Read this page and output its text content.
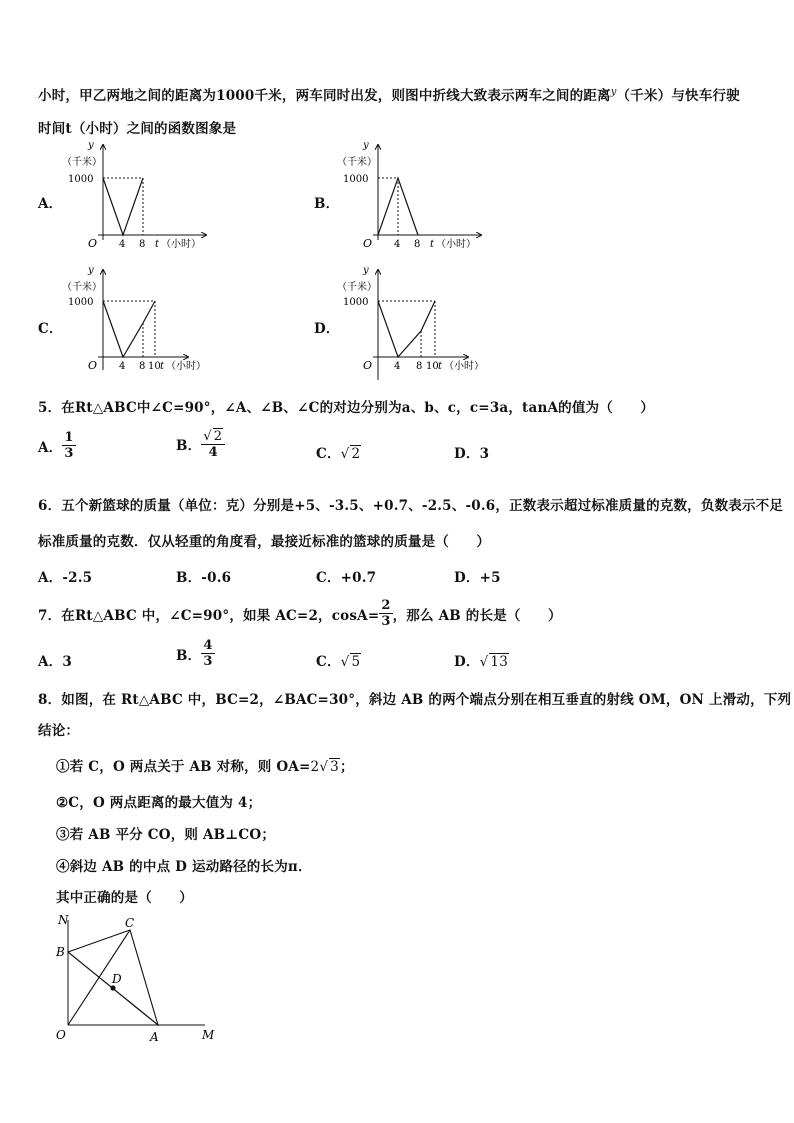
小时，甲乙两地之间的距离为1000千米，两车同时出发，则图中折线大致表示两车之间的距离$^y$（千米）与快车行驶
时间t（小时）之间的函数图象是
A．	B．
C．	D．
y
（千米）
1000
O 4 8 t （小时）
y
（千米）
1000
O 4 8 t （小时）
y
（千米）
1000
O 4 8 10 t （小时）
y
（千米）
1000
O 4 8 10 t （小时）
5．在Rt△ABC中∠C=90°，∠A、∠B、∠C的对边分别为a、b、c，c=3a，tanA的值为（　　）
A． $\frac{1}{3}$	B． $\frac{√ 2}{4}$	C．√ 2	D．3
6．五个新篮球的质量（单位：克）分别是+5、-3.5、+0.7、-2.5、-0.6，正数表示超过标准质量的克数，负数表示不足
标准质量的克数．仅从轻重的角度看，最接近标准的篮球的质量是（　　）
A．-2.5	B．-0.6	C．+0.7	D．+5
7．在Rt△ABC 中，∠C=90°，如果 AC=2，$\cos A= \frac{2}{3}$ ，那么 AB 的长是（　　）
A．3	B． $\frac{4}{3}$	C．√ 5	D．√ 13
8．如图，在 Rt△ABC 中，BC=2，∠BAC=30°，斜边 AB 的两个端点分别在相互垂直的射线 OM，ON 上滑动，下列
结论：
①若 C，O 两点关于 AB 对称，则 OA=2√ 3；
②C，O 两点距离的最大值为 4；
③若 AB 平分 CO，则 AB⊥CO；
④斜边 AB 的中点 D 运动路径的长为π．
其中正确的是（　　）
N
B
C
D
O	A	M
